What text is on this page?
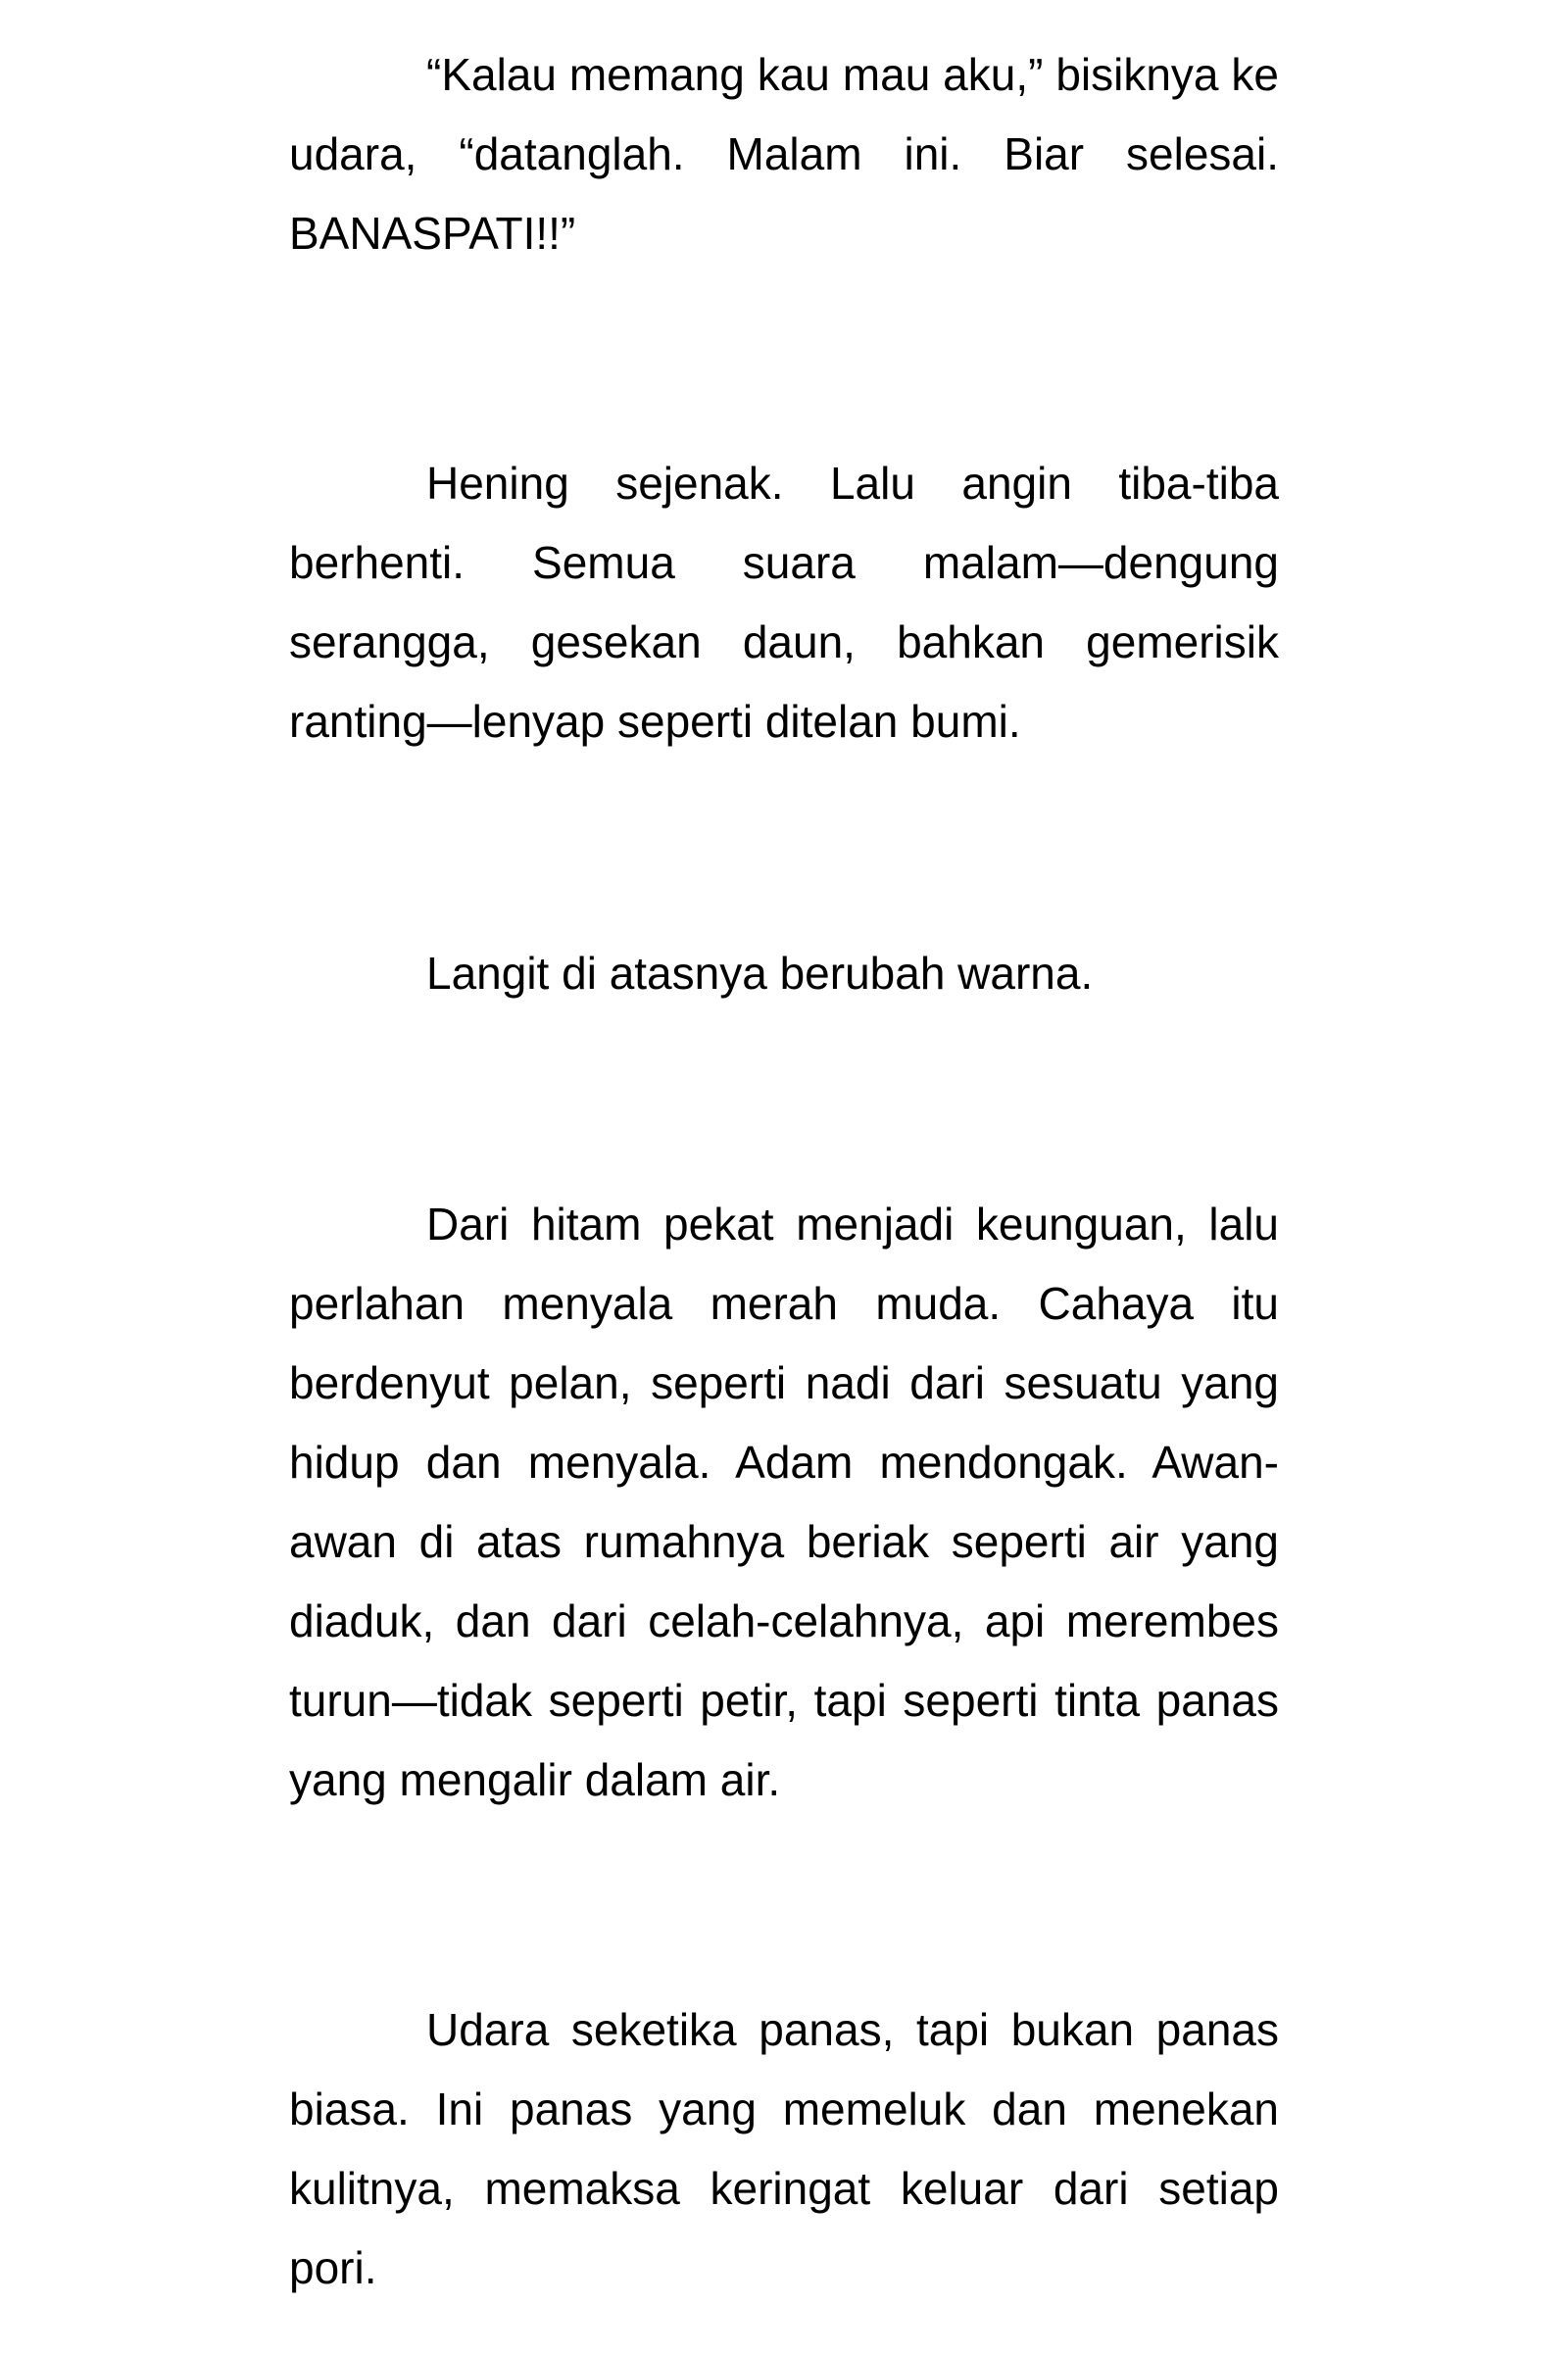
“Kalau memang kau mau aku,” bisiknya ke udara, “datanglah. Malam ini. Biar selesai. BANASPATI!!”

Hening sejenak. Lalu angin tiba-tiba berhenti. Semua suara malam—dengung serangga, gesekan daun, bahkan gemerisik ranting—lenyap seperti ditelan bumi.

Langit di atasnya berubah warna.

Dari hitam pekat menjadi keunguan, lalu perlahan menyala merah muda. Cahaya itu berdenyut pelan, seperti nadi dari sesuatu yang hidup dan menyala. Adam mendongak. Awan-awan di atas rumahnya beriak seperti air yang diaduk, dan dari celah-celahnya, api merembes turun—tidak seperti petir, tapi seperti tinta panas yang mengalir dalam air.

Udara seketika panas, tapi bukan panas biasa. Ini panas yang memeluk dan menekan kulitnya, memaksa keringat keluar dari setiap pori.
